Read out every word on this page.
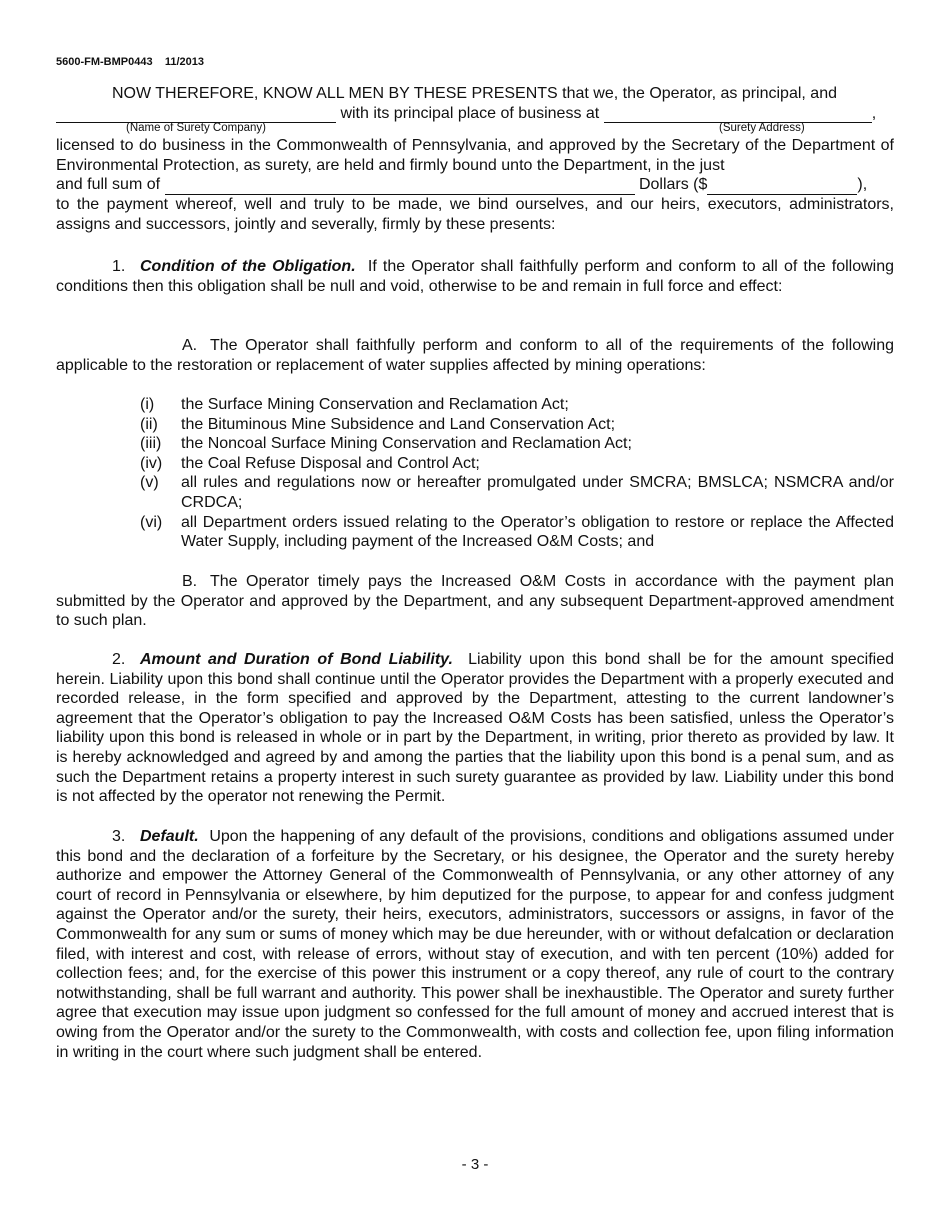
5600-FM-BMP0443    11/2013
NOW THEREFORE, KNOW ALL MEN BY THESE PRESENTS that we, the Operator, as principal, and
with its principal place of business at	,
(Name of Surety Company)	(Surety Address)

licensed to do business in the Commonwealth of Pennsylvania, and approved by the Secretary of the Department of Environmental Protection, as surety, are held and firmly bound unto the Department, in the just

and full sum of	Dollars ($	),

to the payment whereof, well and truly to be made, we bind ourselves, and our heirs, executors, administrators, assigns and successors, jointly and severally, firmly by these presents:

1. Condition of the Obligation. If the Operator shall faithfully perform and conform to all of the following conditions then this obligation shall be null and void, otherwise to be and remain in full force and effect:

A. The Operator shall faithfully perform and conform to all of the requirements of the following applicable to the restoration or replacement of water supplies affected by mining operations:

(i)	the Surface Mining Conservation and Reclamation Act;
(ii)	the Bituminous Mine Subsidence and Land Conservation Act;
(iii)	the Noncoal Surface Mining Conservation and Reclamation Act;
(iv)	the Coal Refuse Disposal and Control Act;
(v)	all rules and regulations now or hereafter promulgated under SMCRA; BMSLCA; NSMCRA and/or CRDCA;
(vi)	all Department orders issued relating to the Operator’s obligation to restore or replace the Affected Water Supply, including payment of the Increased O&M Costs; and

B. The Operator timely pays the Increased O&M Costs in accordance with the payment plan submitted by the Operator and approved by the Department, and any subsequent Department-approved amendment to such plan.

2. Amount and Duration of Bond Liability. Liability upon this bond shall be for the amount specified herein. Liability upon this bond shall continue until the Operator provides the Department with a properly executed and recorded release, in the form specified and approved by the Department, attesting to the current landowner’s agreement that the Operator’s obligation to pay the Increased O&M Costs has been satisfied, unless the Operator’s liability upon this bond is released in whole or in part by the Department, in writing, prior thereto as provided by law. It is hereby acknowledged and agreed by and among the parties that the liability upon this bond is a penal sum, and as such the Department retains a property interest in such surety guarantee as provided by law. Liability under this bond is not affected by the operator not renewing the Permit.

3. Default. Upon the happening of any default of the provisions, conditions and obligations assumed under this bond and the declaration of a forfeiture by the Secretary, or his designee, the Operator and the surety hereby authorize and empower the Attorney General of the Commonwealth of Pennsylvania, or any other attorney of any court of record in Pennsylvania or elsewhere, by him deputized for the purpose, to appear for and confess judgment against the Operator and/or the surety, their heirs, executors, administrators, successors or assigns, in favor of the Commonwealth for any sum or sums of money which may be due hereunder, with or without defalcation or declaration filed, with interest and cost, with release of errors, without stay of execution, and with ten percent (10%) added for collection fees; and, for the exercise of this power this instrument or a copy thereof, any rule of court to the contrary notwithstanding, shall be full warrant and authority. This power shall be inexhaustible. The Operator and surety further agree that execution may issue upon judgment so confessed for the full amount of money and accrued interest that is owing from the Operator and/or the surety to the Commonwealth, with costs and collection fee, upon filing information in writing in the court where such judgment shall be entered.

- 3 -
